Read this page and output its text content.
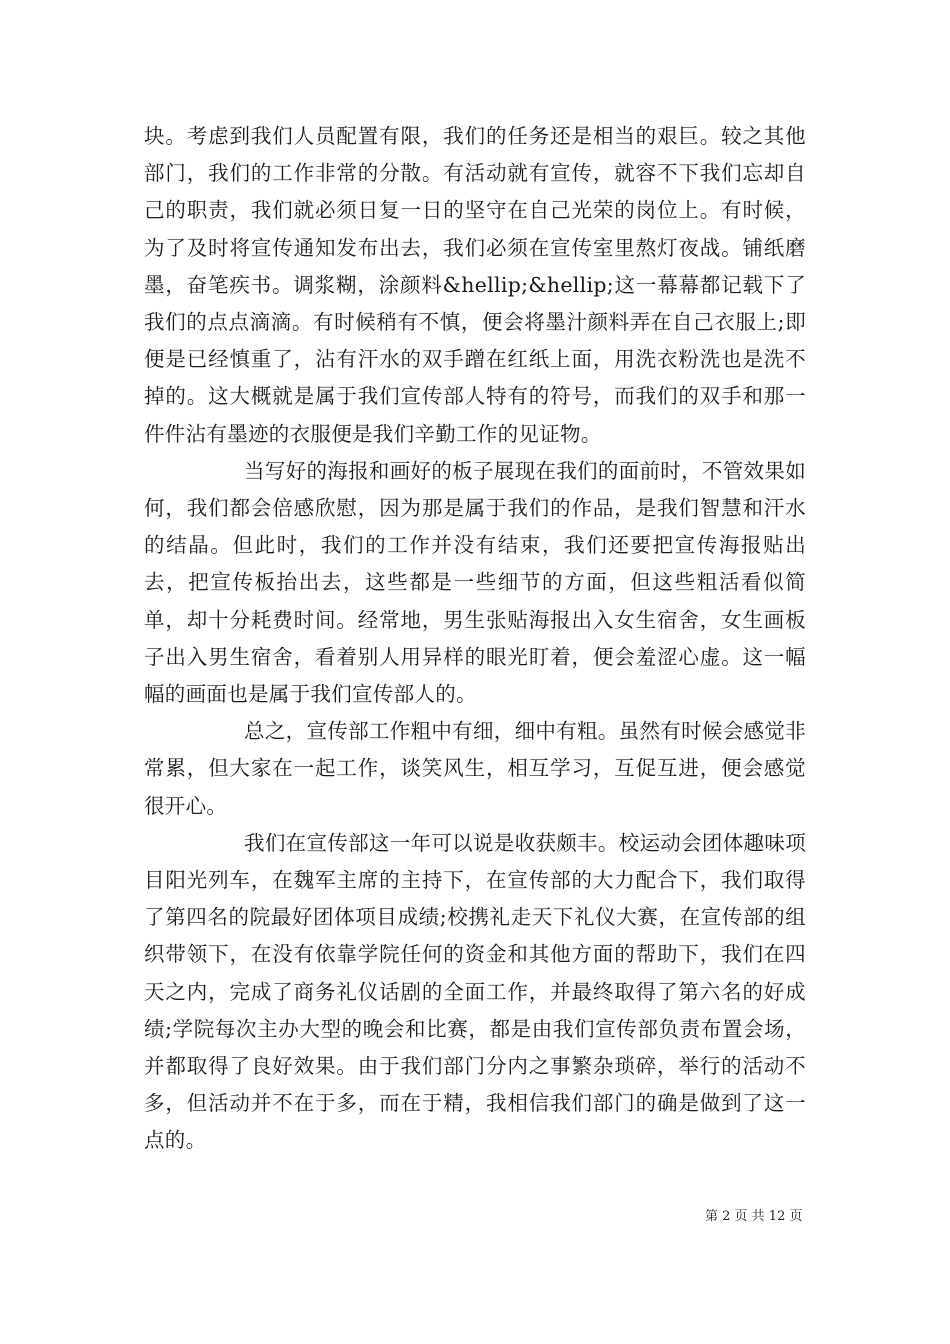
块。考虑到我们人员配置有限，我们的任务还是相当的艰巨。较之其他部门，我们的工作非常的分散。有活动就有宣传，就容不下我们忘却自己的职责，我们就必须日复一日的坚守在自己光荣的岗位上。有时候，为了及时将宣传通知发布出去，我们必须在宣传室里熬灯夜战。铺纸磨墨，奋笔疾书。调浆糊，涂颜料&hellip;&hellip;这一幕幕都记载下了我们的点点滴滴。有时候稍有不慎，便会将墨汁颜料弄在自己衣服上;即便是已经慎重了，沾有汗水的双手蹭在红纸上面，用洗衣粉洗也是洗不掉的。这大概就是属于我们宣传部人特有的符号，而我们的双手和那一件件沾有墨迹的衣服便是我们辛勤工作的见证物。

当写好的海报和画好的板子展现在我们的面前时，不管效果如何，我们都会倍感欣慰，因为那是属于我们的作品，是我们智慧和汗水的结晶。但此时，我们的工作并没有结束，我们还要把宣传海报贴出去，把宣传板抬出去，这些都是一些细节的方面，但这些粗活看似简单，却十分耗费时间。经常地，男生张贴海报出入女生宿舍，女生画板子出入男生宿舍，看着别人用异样的眼光盯着，便会羞涩心虚。这一幅幅的画面也是属于我们宣传部人的。

总之，宣传部工作粗中有细，细中有粗。虽然有时候会感觉非常累，但大家在一起工作，谈笑风生，相互学习，互促互进，便会感觉很开心。

我们在宣传部这一年可以说是收获颇丰。校运动会团体趣味项目阳光列车，在魏军主席的主持下，在宣传部的大力配合下，我们取得了第四名的院最好团体项目成绩;校携礼走天下礼仪大赛，在宣传部的组织带领下，在没有依靠学院任何的资金和其他方面的帮助下，我们在四天之内，完成了商务礼仪话剧的全面工作，并最终取得了第六名的好成绩;学院每次主办大型的晚会和比赛，都是由我们宣传部负责布置会场，并都取得了良好效果。由于我们部门分内之事繁杂琐碎，举行的活动不多，但活动并不在于多，而在于精，我相信我们部门的确是做到了这一点的。

第 2 页 共 12 页
